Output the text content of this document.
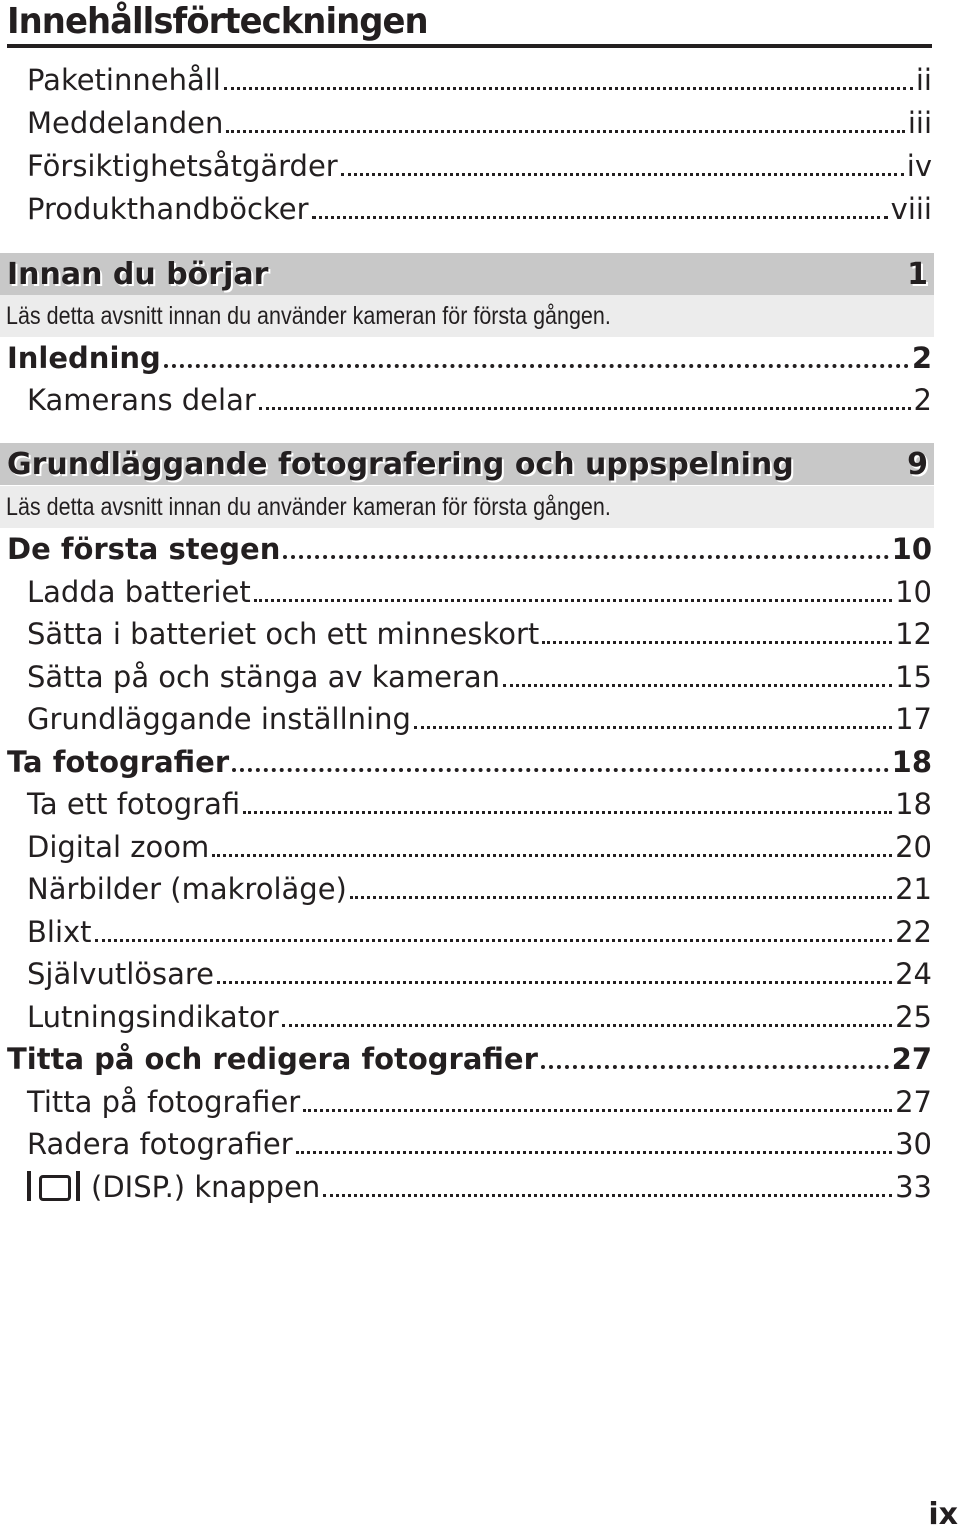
Innehållsförteckningen
Paketinnehåll	ii
Meddelanden	iii
Försiktighetsåtgärder	iv
Produkthandböcker	viii
Innan du börjar	1
Läs detta avsnitt innan du använder kameran för första gången.
Inledning	2
Kamerans delar	2
Grundläggande fotografering och uppspelning	9
Läs detta avsnitt innan du använder kameran för första gången.
De första stegen	10
Ladda batteriet	10
Sätta i batteriet och ett minneskort	12
Sätta på och stänga av kameran	15
Grundläggande inställning	17
Ta fotografier	18
Ta ett fotografi	18
Digital zoom	20
Närbilder (makroläge)	21
Blixt	22
Självutlösare	24
Lutningsindikator	25
Titta på och redigera fotografier	27
Titta på fotografier	27
Radera fotografier	30
(DISP.) knappen	33
ix
